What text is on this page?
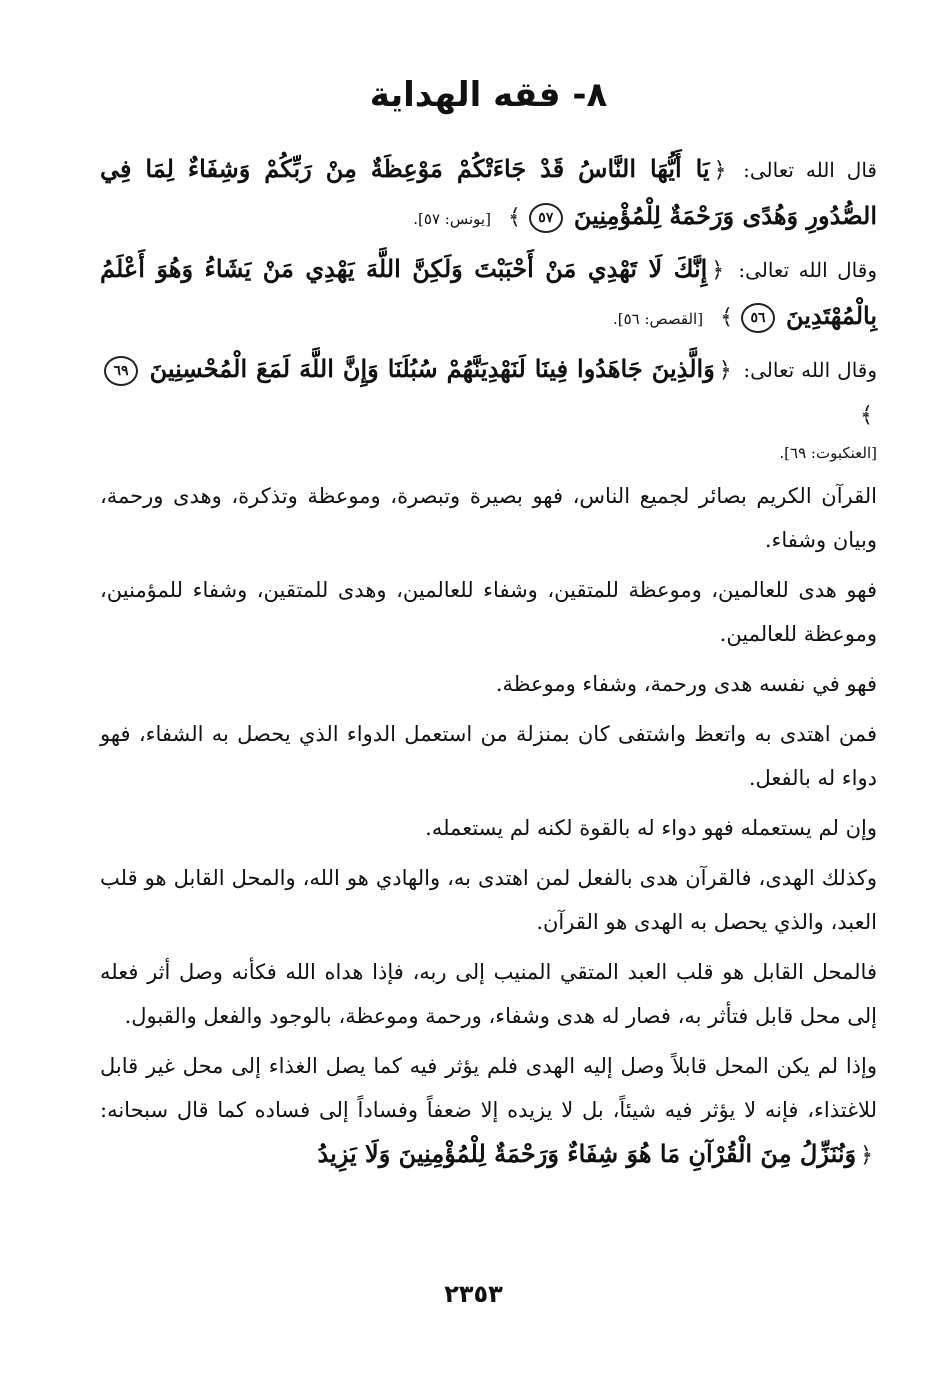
٨- فقه الهداية
قال الله تعالى: ﴿يَا أَيُّهَا النَّاسُ قَدْ جَاءَتْكُمْ مَوْعِظَةٌ مِنْ رَبِّكُمْ وَشِفَاءٌ لِمَا فِي الصُّدُورِ وَهُدًى وَرَحْمَةٌ لِلْمُؤْمِنِينَ ٥٧﴾ [يونس: ٥٧].
وقال الله تعالى: ﴿إِنَّكَ لَا تَهْدِي مَنْ أَحْبَبْتَ وَلَكِنَّ اللَّهَ يَهْدِي مَنْ يَشَاءُ وَهُوَ أَعْلَمُ بِالْمُهْتَدِينَ ٥٦﴾ [القصص: ٥٦].
وقال الله تعالى: ﴿وَالَّذِينَ جَاهَدُوا فِينَا لَنَهْدِيَنَّهُمْ سُبُلَنَا وَإِنَّ اللَّهَ لَمَعَ الْمُحْسِنِينَ ٦٩﴾
[العنكبوت: ٦٩].

القرآن الكريم بصائر لجميع الناس، فهو بصيرة وتبصرة، وموعظة وتذكرة، وهدى ورحمة، وبيان وشفاء.

فهو هدى للعالمين، وموعظة للمتقين، وشفاء للعالمين، وهدى للمتقين، وشفاء للمؤمنين، وموعظة للعالمين.

فهو في نفسه هدى ورحمة، وشفاء وموعظة.

فمن اهتدى به واتعظ واشتفى كان بمنزلة من استعمل الدواء الذي يحصل به الشفاء، فهو دواء له بالفعل.

وإن لم يستعمله فهو دواء له بالقوة لكنه لم يستعمله.

وكذلك الهدى، فالقرآن هدى بالفعل لمن اهتدى به، والهادي هو الله، والمحل القابل هو قلب العبد، والذي يحصل به الهدى هو القرآن.

فالمحل القابل هو قلب العبد المتقي المنيب إلى ربه، فإذا هداه الله فكأنه وصل أثر فعله إلى محل قابل فتأثر به، فصار له هدى وشفاء، ورحمة وموعظة، بالوجود والفعل والقبول.

وإذا لم يكن المحل قابلاً وصل إليه الهدى فلم يؤثر فيه كما يصل الغذاء إلى محل غير قابل للاغتذاء، فإنه لا يؤثر فيه شيئاً، بل لا يزيده إلا ضعفاً وفساداً إلى فساده كما قال سبحانه: ﴿وَنُنَزِّلُ مِنَ الْقُرْآنِ مَا هُوَ شِفَاءٌ وَرَحْمَةٌ لِلْمُؤْمِنِينَ وَلَا يَزِيدُ

٢٣٥٣
